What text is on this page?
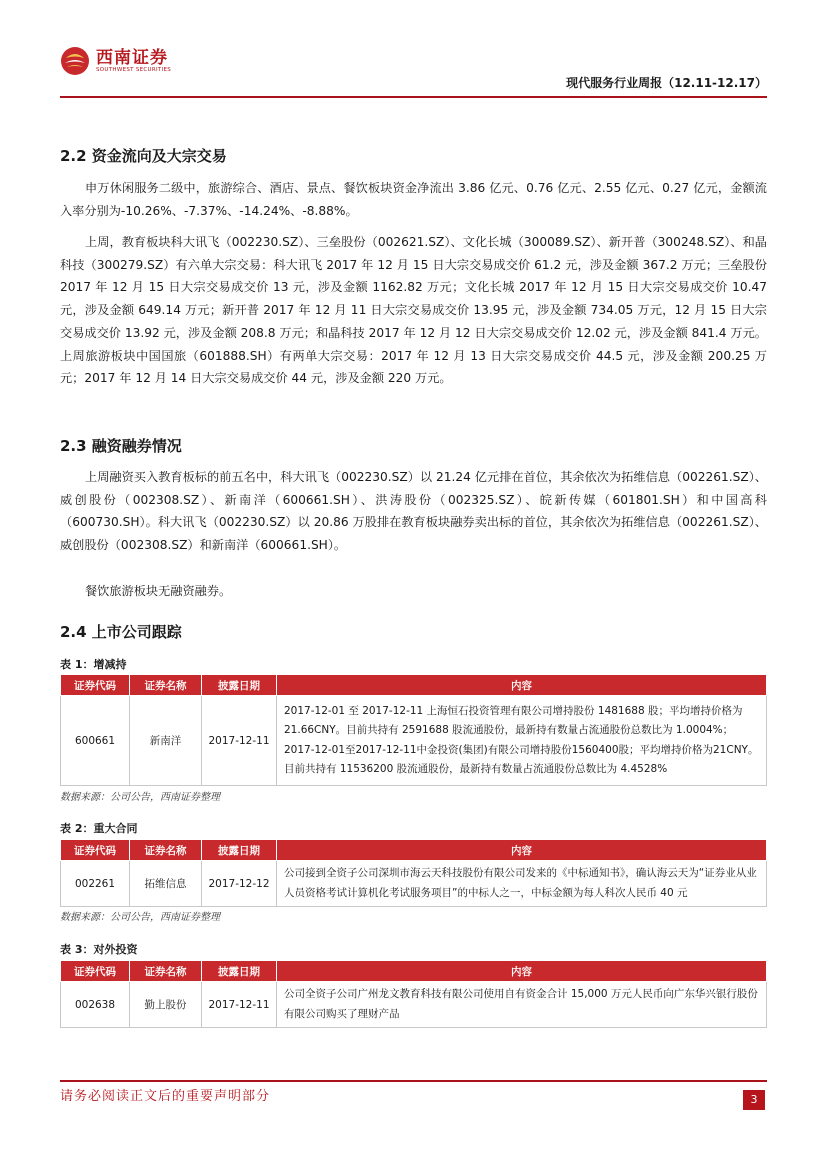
西南证券
SOUTHWEST SECURITIES
现代服务行业周报（12.11-12.17）
2.2 资金流向及大宗交易

申万休闲服务二级中，旅游综合、酒店、景点、餐饮板块资金净流出 3.86 亿元、0.76 亿元、2.55 亿元、0.27 亿元，金额流入率分别为-10.26%、-7.37%、-14.24%、-8.88%。

上周，教育板块科大讯飞（002230.SZ）、三垒股份（002621.SZ）、文化长城（300089.SZ）、新开普（300248.SZ）、和晶科技（300279.SZ）有六单大宗交易：科大讯飞 2017 年 12 月 15 日大宗交易成交价 61.2 元，涉及金额 367.2 万元；三垒股份 2017 年 12 月 15 日大宗交易成交价 13 元，涉及金额 1162.82 万元；文化长城 2017 年 12 月 15 日大宗交易成交价 10.47 元，涉及金额 649.14 万元；新开普 2017 年 12 月 11 日大宗交易成交价 13.95 元，涉及金额 734.05 万元，12 月 15 日大宗交易成交价 13.92 元，涉及金额 208.8 万元；和晶科技 2017 年 12 月 12 日大宗交易成交价 12.02 元，涉及金额 841.4 万元。上周旅游板块中国国旅（601888.SH）有两单大宗交易：2017 年 12 月 13 日大宗交易成交价 44.5 元，涉及金额 200.25 万元；2017 年 12 月 14 日大宗交易成交价 44 元，涉及金额 220 万元。

2.3 融资融券情况

上周融资买入教育板标的前五名中，科大讯飞（002230.SZ）以 21.24 亿元排在首位，其余依次为拓维信息（002261.SZ）、威创股份（002308.SZ）、新南洋（600661.SH）、洪涛股份（002325.SZ）、皖新传媒（601801.SH）和中国高科（600730.SH）。科大讯飞（002230.SZ）以 20.86 万股排在教育板块融券卖出标的首位，其余依次为拓维信息（002261.SZ）、威创股份（002308.SZ）和新南洋（600661.SH）。

餐饮旅游板块无融资融券。

2.4 上市公司跟踪
表 1：增减持
证券代码	证券名称	披露日期	内容
600661	新南洋	2017-12-11	2017-12-01 至 2017-12-11 上海恒石投资管理有限公司增持股份 1481688 股；平均增持价格为 21.66CNY。目前共持有 2591688 股流通股份，最新持有数量占流通股份总数比为 1.0004%；2017-12-01至2017-12-11中金投资(集团)有限公司增持股份1560400股；平均增持价格为21CNY。目前共持有 11536200 股流通股份，最新持有数量占流通股份总数比为 4.4528%
数据来源：公司公告，西南证券整理
表 2：重大合同
证券代码	证券名称	披露日期	内容
002261	拓维信息	2017-12-12	公司接到全资子公司深圳市海云天科技股份有限公司发来的《中标通知书》，确认海云天为“证券业从业人员资格考试计算机化考试服务项目”的中标人之一，中标金额为每人科次人民币 40 元
数据来源：公司公告，西南证券整理
表 3：对外投资
证券代码	证券名称	披露日期	内容
002638	勤上股份	2017-12-11	公司全资子公司广州龙文教育科技有限公司使用自有资金合计 15,000 万元人民币向广东华兴银行股份有限公司购买了理财产品
请务必阅读正文后的重要声明部分	3
